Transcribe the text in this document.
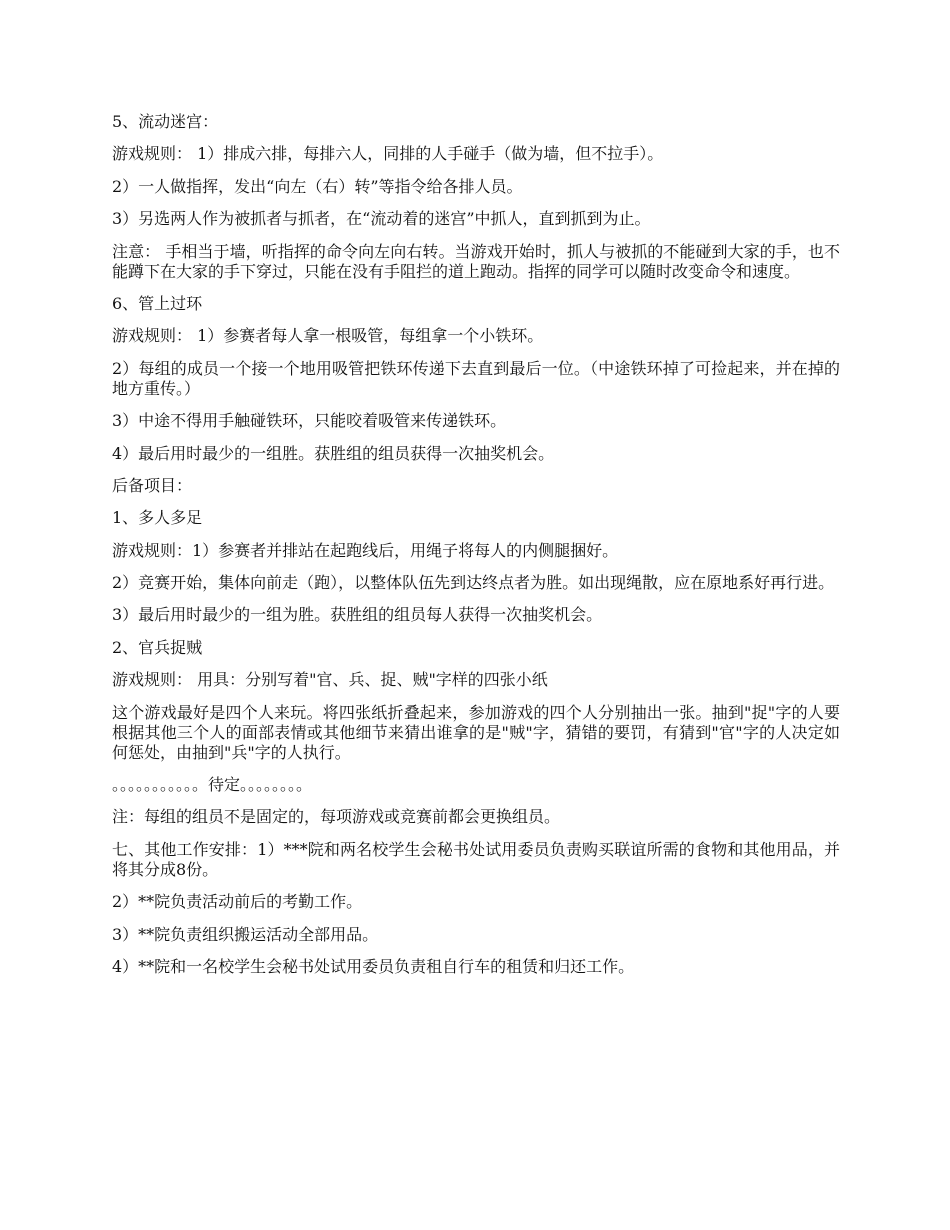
5、流动迷宫：

游戏规则： 1）排成六排，每排六人，同排的人手碰手（做为墙，但不拉手）。

2）一人做指挥，发出“向左（右）转”等指令给各排人员。

3）另选两人作为被抓者与抓者，在“流动着的迷宫”中抓人，直到抓到为止。

注意： 手相当于墙，听指挥的命令向左向右转。当游戏开始时，抓人与被抓的不能碰到大家的手，也不能蹲下在大家的手下穿过，只能在没有手阻拦的道上跑动。指挥的同学可以随时改变命令和速度。

6、管上过环

游戏规则： 1）参赛者每人拿一根吸管，每组拿一个小铁环。

2）每组的成员一个接一个地用吸管把铁环传递下去直到最后一位。（中途铁环掉了可捡起来，并在掉的地方重传。）

3）中途不得用手触碰铁环，只能咬着吸管来传递铁环。

4）最后用时最少的一组胜。获胜组的组员获得一次抽奖机会。

后备项目：

1、多人多足

游戏规则：1）参赛者并排站在起跑线后，用绳子将每人的内侧腿捆好。

2）竞赛开始，集体向前走（跑），以整体队伍先到达终点者为胜。如出现绳散，应在原地系好再行进。

3）最后用时最少的一组为胜。获胜组的组员每人获得一次抽奖机会。

2、官兵捉贼

游戏规则： 用具：分别写着"官、兵、捉、贼"字样的四张小纸

这个游戏最好是四个人来玩。将四张纸折叠起来，参加游戏的四个人分别抽出一张。抽到"捉"字的人要根据其他三个人的面部表情或其他细节来猜出谁拿的是"贼"字，猜错的要罚，有猜到"官"字的人决定如何惩处，由抽到"兵"字的人执行。

。。。。。。。。。。。待定。。。。。。。。

注：每组的组员不是固定的，每项游戏或竞赛前都会更换组员。

七、其他工作安排：1）***院和两名校学生会秘书处试用委员负责购买联谊所需的食物和其他用品，并将其分成8份。

2）**院负责活动前后的考勤工作。

3）**院负责组织搬运活动全部用品。

4）**院和一名校学生会秘书处试用委员负责租自行车的租赁和归还工作。
